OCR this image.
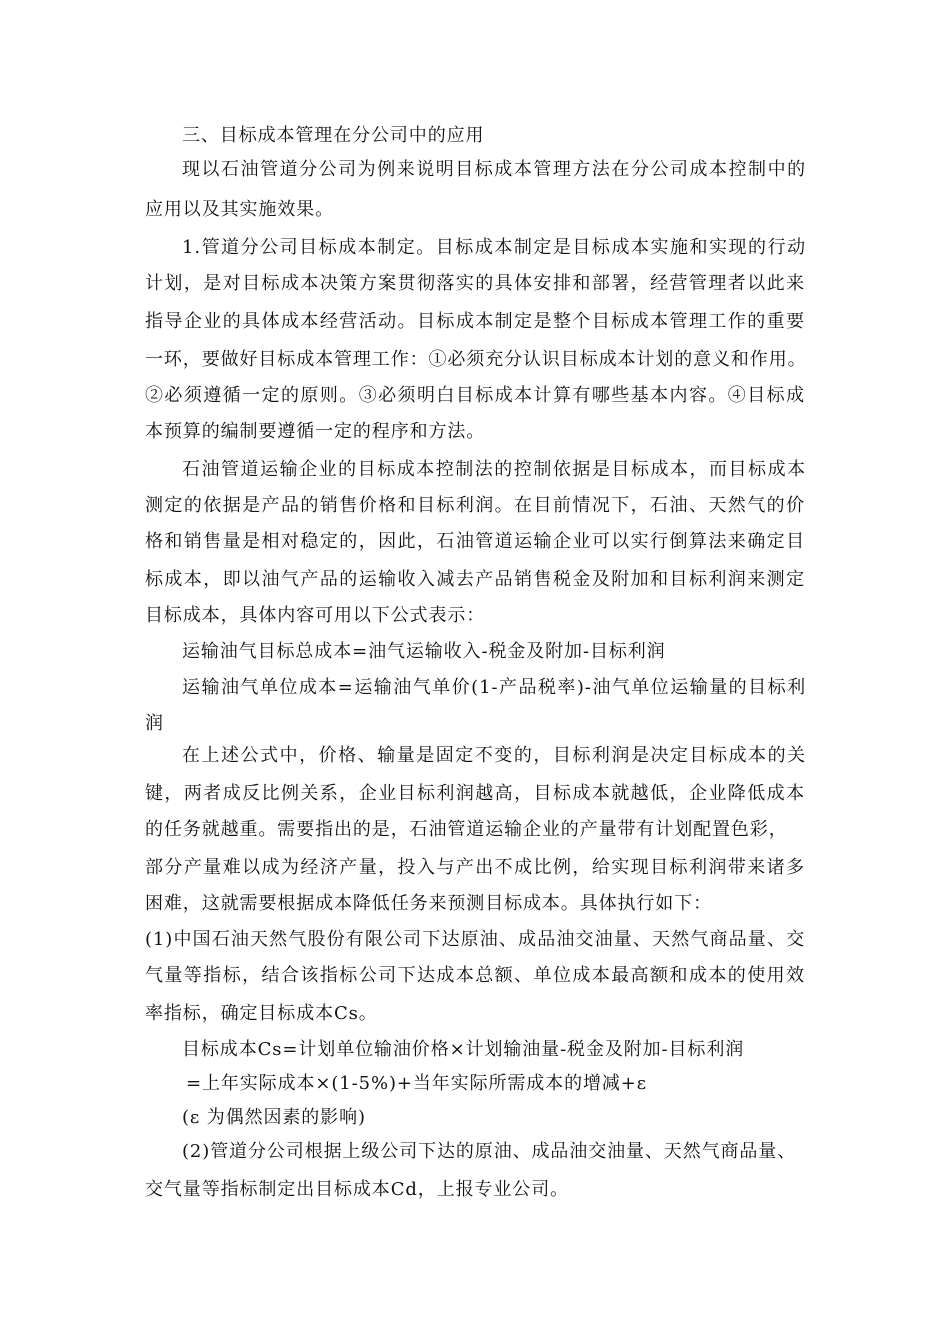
三、目标成本管理在分公司中的应用
现以石油管道分公司为例来说明目标成本管理方法在分公司成本控制中的
应用以及其实施效果。
1.管道分公司目标成本制定。目标成本制定是目标成本实施和实现的行动
计划，是对目标成本决策方案贯彻落实的具体安排和部署，经营管理者以此来
指导企业的具体成本经营活动。目标成本制定是整个目标成本管理工作的重要
一环，要做好目标成本管理工作：①必须充分认识目标成本计划的意义和作用。
②必须遵循一定的原则。③必须明白目标成本计算有哪些基本内容。④目标成
本预算的编制要遵循一定的程序和方法。
石油管道运输企业的目标成本控制法的控制依据是目标成本，而目标成本
测定的依据是产品的销售价格和目标利润。在目前情况下，石油、天然气的价
格和销售量是相对稳定的，因此，石油管道运输企业可以实行倒算法来确定目
标成本，即以油气产品的运输收入减去产品销售税金及附加和目标利润来测定
目标成本，具体内容可用以下公式表示：
运输油气目标总成本=油气运输收入-税金及附加-目标利润
运输油气单位成本=运输油气单价(1-产品税率)-油气单位运输量的目标利
润
在上述公式中，价格、输量是固定不变的，目标利润是决定目标成本的关
键，两者成反比例关系，企业目标利润越高，目标成本就越低，企业降低成本
的任务就越重。需要指出的是，石油管道运输企业的产量带有计划配置色彩，
部分产量难以成为经济产量，投入与产出不成比例，给实现目标利润带来诸多
困难，这就需要根据成本降低任务来预测目标成本。具体执行如下：
(1)中国石油天然气股份有限公司下达原油、成品油交油量、天然气商品量、交
气量等指标，结合该指标公司下达成本总额、单位成本最高额和成本的使用效
率指标，确定目标成本Cs。
目标成本Cs=计划单位输油价格×计划输油量-税金及附加-目标利润
=上年实际成本×(1-5%)+当年实际所需成本的增减+ε
(ε 为偶然因素的影响)
(2)管道分公司根据上级公司下达的原油、成品油交油量、天然气商品量、
交气量等指标制定出目标成本Cd，上报专业公司。
